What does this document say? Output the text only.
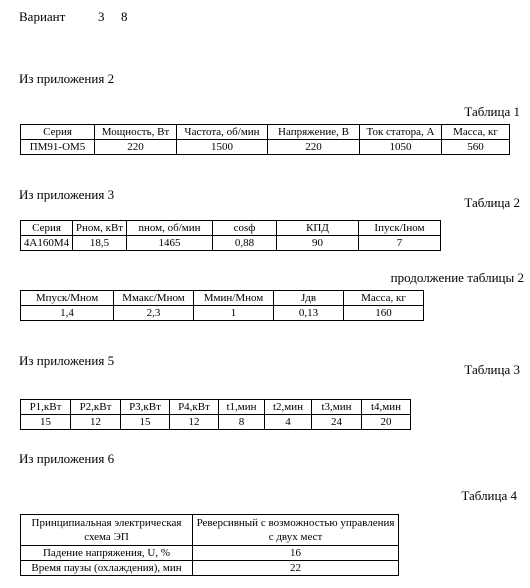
Вариант	3 8
Из приложения 2
Таблица 1
Серия	Мощность, Вт	Частота, об/мин	Напряжение, В	Ток статора, А	Масса, кг
ПМ91-ОМ5	220	1500	220	1050	560
Из приложения 3
Таблица 2
Серия	Рном, кВт	nном, об/мин	cosф	КПД	Iпуск/Iном
4А160М4	18,5	1465	0,88	90	7
продолжение таблицы 2
Мпуск/Мном	Ммакс/Мном	Ммин/Мном	Jдв	Масса, кг
1,4	2,3	1	0,13	160
Из приложения 5
Таблица 3
P1,кВт	P2,кВт	P3,кВт	P4,кВт	t1,мин	t2,мин	t3,мин	t4,мин
15	12	15	12	8	4	24	20
Из приложения 6
Таблица 4
Принципиальная электрическая схема ЭП	Реверсивный с возможностью управления с двух мест
Падение напряжения, U, %	16
Время паузы (охлаждения), мин	22
